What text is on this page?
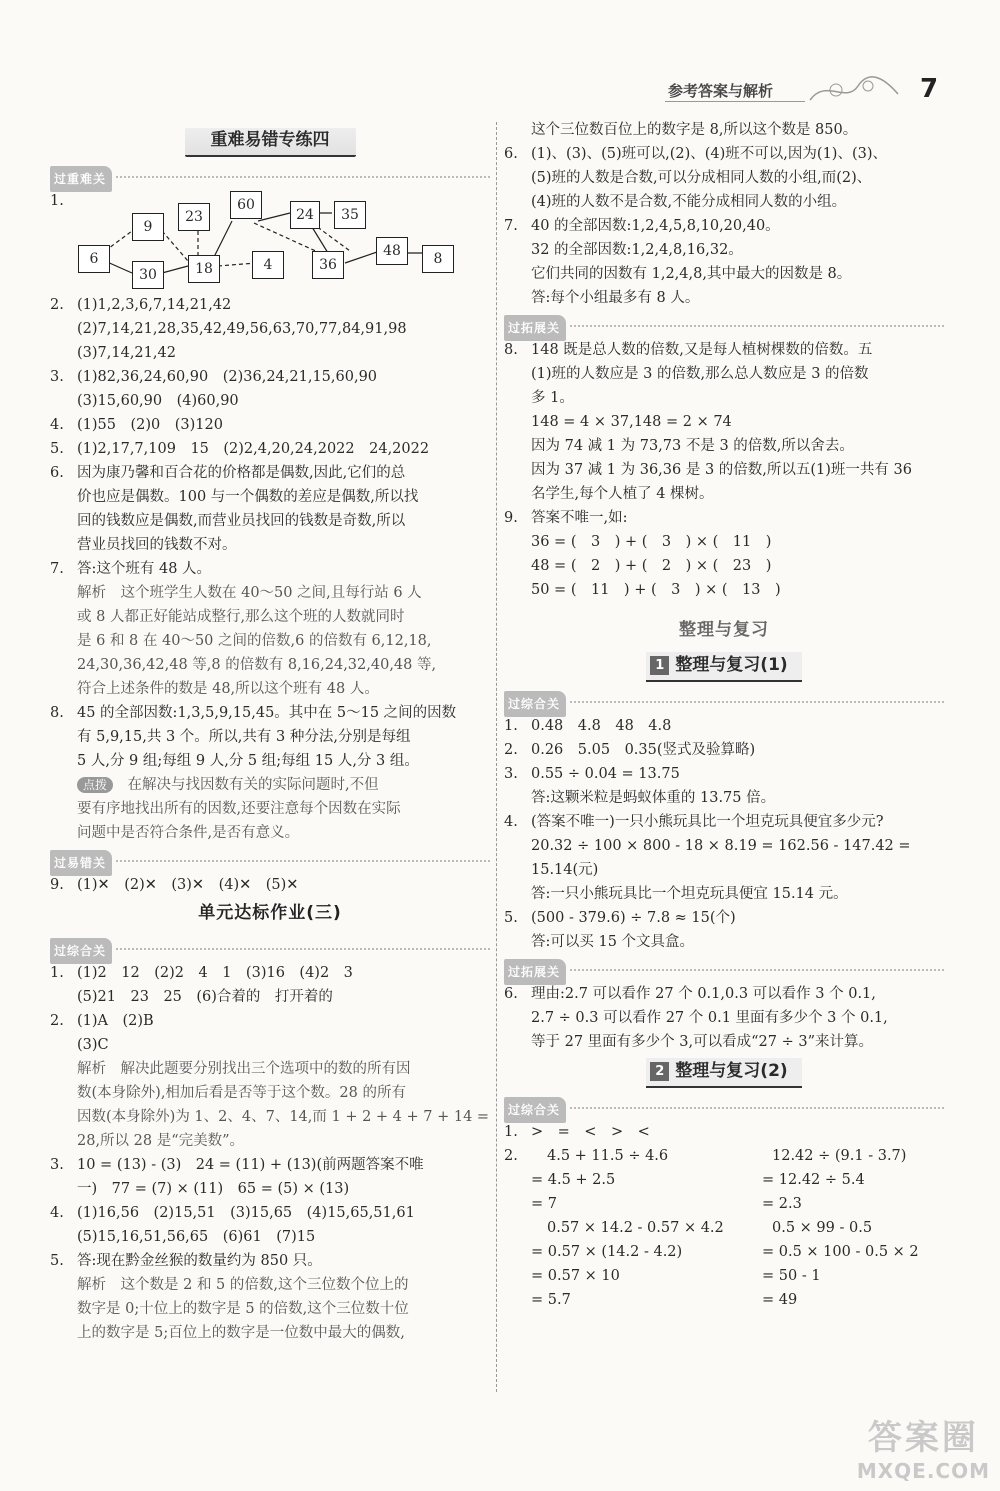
参考答案与解析	7
重难易错专练四
过重难关
1.
6
9
30
23
18
60
4
24
36
35
48	8
2. (1)1,2,3,6,7,14,21,42
(2)7,14,21,28,35,42,49,56,63,70,77,84,91,98
(3)7,14,21,42
3. (1)82,36,24,60,90　(2)36,24,21,15,60,90
(3)15,60,90　(4)60,90
4. (1)55　(2)0　(3)120
5. (1)2,17,7,109　15　(2)2,4,20,24,2022　24,2022
6. 因为康乃馨和百合花的价格都是偶数,因此,它们的总
价也应是偶数。100 与一个偶数的差应是偶数,所以找
回的钱数应是偶数,而营业员找回的钱数是奇数,所以
营业员找回的钱数不对。
7. 答:这个班有 48 人。
解析　这个班学生人数在 40～50 之间,且每行站 6 人
或 8 人都正好能站成整行,那么这个班的人数就同时
是 6 和 8 在 40～50 之间的倍数,6 的倍数有 6,12,18,
24,30,36,42,48 等,8 的倍数有 8,16,24,32,40,48 等,
符合上述条件的数是 48,所以这个班有 48 人。
8. 45 的全部因数:1,3,5,9,15,45。其中在 5～15 之间的因数
有 5,9,15,共 3 个。所以,共有 3 种分法,分别是每组
5 人,分 9 组;每组 9 人,分 5 组;每组 15 人,分 3 组。
点拨　 在解决与找因数有关的实际问题时,不但
要有序地找出所有的因数,还要注意每个因数在实际
问题中是否符合条件,是否有意义。
过易错关
9. (1)✕　(2)✕　(3)✕　(4)✕　(5)✕
单元达标作业(三)
过综合关
1. (1)2　12　(2)2　4　1　(3)16　(4)2　3
(5)21　23　25　(6)合着的　打开着的
2. (1)A　(2)B
(3)C
解析　解决此题要分别找出三个选项中的数的所有因
数(本身除外),相加后看是否等于这个数。28 的所有
因数(本身除外)为 1、2、4、7、14,而 1 + 2 + 4 + 7 + 14 =
28,所以 28 是“完美数”。
3. 10 = (13) - (3)　24 = (11) + (13)(前两题答案不唯
一)　77 = (7) × (11)　65 = (5) × (13)
4. (1)16,56　(2)15,51　(3)15,65　(4)15,65,51,61
(5)15,16,51,56,65　(6)61　(7)15
5. 答:现在黔金丝猴的数量约为 850 只。
解析　这个数是 2 和 5 的倍数,这个三位数个位上的
数字是 0;十位上的数字是 5 的倍数,这个三位数十位
上的数字是 5;百位上的数字是一位数中最大的偶数,
这个三位数百位上的数字是 8,所以这个数是 850。
6. (1)、(3)、(5)班可以,(2)、(4)班不可以,因为(1)、(3)、
(5)班的人数是合数,可以分成相同人数的小组,而(2)、
(4)班的人数不是合数,不能分成相同人数的小组。
7. 40 的全部因数:1,2,4,5,8,10,20,40。
32 的全部因数:1,2,4,8,16,32。
它们共同的因数有 1,2,4,8,其中最大的因数是 8。
答:每个小组最多有 8 人。
过拓展关
8. 148 既是总人数的倍数,又是每人植树棵数的倍数。五
(1)班的人数应是 3 的倍数,那么总人数应是 3 的倍数
多 1。
148 = 4 × 37,148 = 2 × 74
因为 74 减 1 为 73,73 不是 3 的倍数,所以舍去。
因为 37 减 1 为 36,36 是 3 的倍数,所以五(1)班一共有 36
名学生,每个人植了 4 棵树。
9. 答案不唯一,如:
36 = (　3　) + (　3　) × (　11　)
48 = (　2　) + (　2　) × (　23　)
50 = (　11　) + (　3　) × (　13　)
整理与复习
1 整理与复习(1)
过综合关
1. 0.48　4.8　48　4.8
2. 0.26　5.05　0.35(竖式及验算略)
3. 0.55 ÷ 0.04 = 13.75
答:这颗米粒是蚂蚁体重的 13.75 倍。
4. (答案不唯一)一只小熊玩具比一个坦克玩具便宜多少元?
20.32 ÷ 100 × 800 - 18 × 8.19 = 162.56 - 147.42 =
15.14(元)
答:一只小熊玩具比一个坦克玩具便宜 15.14 元。
5. (500 - 379.6) ÷ 7.8 ≈ 15(个)
答:可以买 15 个文具盒。
过拓展关
6. 理由:2.7 可以看作 27 个 0.1,0.3 可以看作 3 个 0.1,
2.7 ÷ 0.3 可以看作 27 个 0.1 里面有多少个 3 个 0.1,
等于 27 里面有多少个 3,可以看成“27 ÷ 3”来计算。
2 整理与复习(2)
过综合关
1. >　=　<　>　<
2.	4.5 + 11.5 ÷ 4.6
= 4.5 + 2.5
= 7
0.57 × 14.2 - 0.57 × 4.2
= 0.57 × (14.2 - 4.2)
= 0.57 × 10
= 5.7
12.42 ÷ (9.1 - 3.7)
= 12.42 ÷ 5.4
= 2.3
0.5 × 99 - 0.5
= 0.5 × 100 - 0.5 × 2
= 50 - 1
= 49
答案圈
MXQE.COM
